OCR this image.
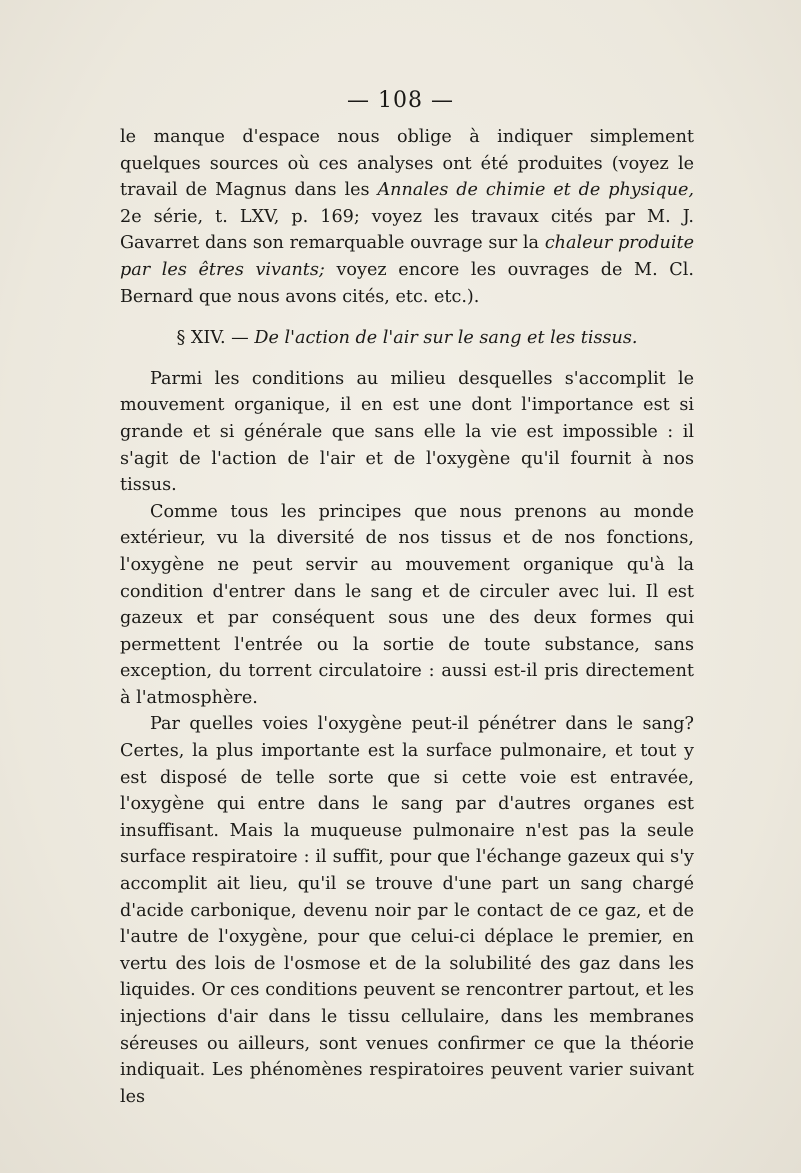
— 108 —

le manque d'espace nous oblige à indiquer simplement quelques sources où ces analyses ont été produites (voyez le travail de Magnus dans les Annales de chimie et de physique, 2e série, t. LXV, p. 169; voyez les travaux cités par M. J. Gavarret dans son remarquable ouvrage sur la chaleur produite par les êtres vivants; voyez encore les ouvrages de M. Cl. Bernard que nous avons cités, etc. etc.).

§ XIV. — De l'action de l'air sur le sang et les tissus.

Parmi les conditions au milieu desquelles s'accomplit le mouvement organique, il en est une dont l'importance est si grande et si générale que sans elle la vie est impossible : il s'agit de l'action de l'air et de l'oxygène qu'il fournit à nos tissus.

Comme tous les principes que nous prenons au monde extérieur, vu la diversité de nos tissus et de nos fonctions, l'oxygène ne peut servir au mouvement organique qu'à la condition d'entrer dans le sang et de circuler avec lui. Il est gazeux et par conséquent sous une des deux formes qui permettent l'entrée ou la sortie de toute substance, sans exception, du torrent circulatoire : aussi est-il pris directement à l'atmosphère.

Par quelles voies l'oxygène peut-il pénétrer dans le sang? Certes, la plus importante est la surface pulmonaire, et tout y est disposé de telle sorte que si cette voie est entravée, l'oxygène qui entre dans le sang par d'autres organes est insuffisant. Mais la muqueuse pulmonaire n'est pas la seule surface respiratoire : il suffit, pour que l'échange gazeux qui s'y accomplit ait lieu, qu'il se trouve d'une part un sang chargé d'acide carbonique, devenu noir par le contact de ce gaz, et de l'autre de l'oxygène, pour que celui-ci déplace le premier, en vertu des lois de l'osmose et de la solubilité des gaz dans les liquides. Or ces conditions peuvent se rencontrer partout, et les injections d'air dans le tissu cellulaire, dans les membranes séreuses ou ailleurs, sont venues confirmer ce que la théorie indiquait. Les phénomènes respiratoires peuvent varier suivant les
